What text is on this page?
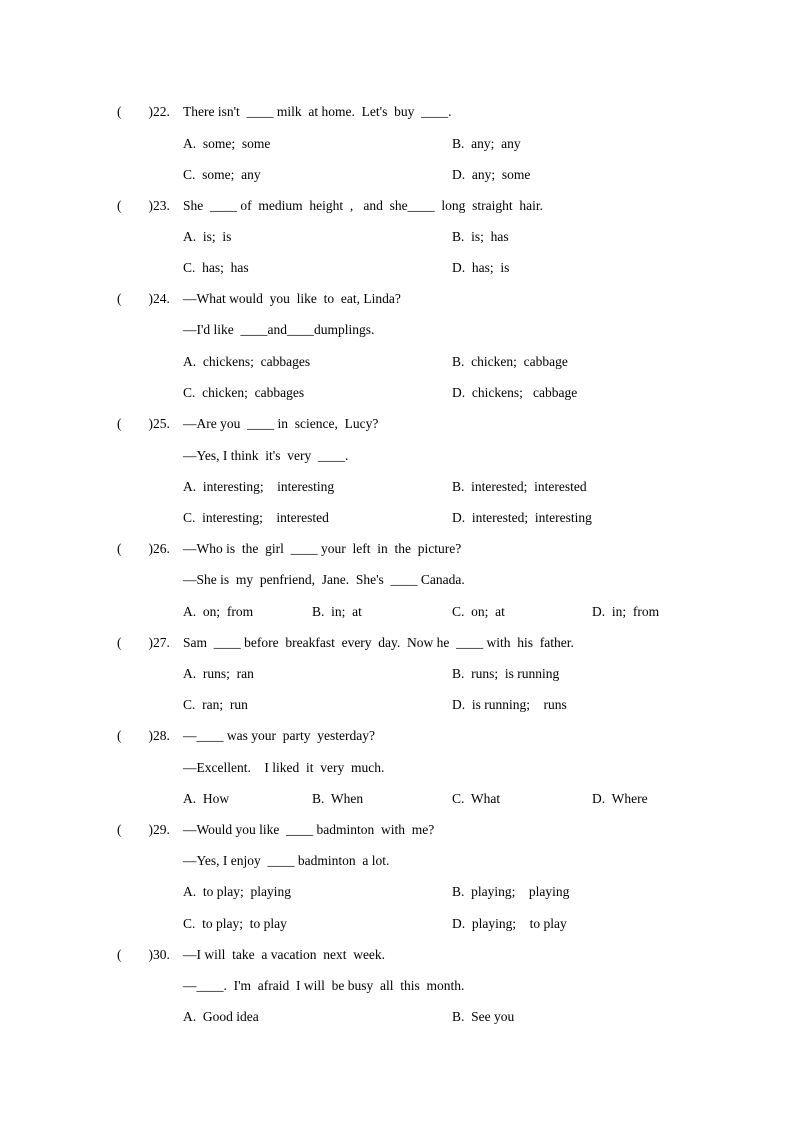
(        ) 22. There isn't  ____ milk  at home.  Let's  buy  ____.
A.  some;  some	B.  any;  any
C.  some;  any	D.  any;  some
(        ) 23. She  ____ of  medium  height  ,   and  she____  long  straight  hair.
A.  is;  is	B.  is;  has
C.  has;  has	D.  has;  is
(        ) 24. —What would  you  like  to  eat, Linda?
—I'd like  ____and____dumplings.
A.  chickens;  cabbages	B.  chicken;  cabbage
C.  chicken;  cabbages	D.  chickens;   cabbage
(        ) 25. —Are you  ____ in  science,  Lucy?
—Yes, I think  it's  very  ____.
A.  interesting;    interesting	B.  interested;  interested
C.  interesting;    interested	D.  interested;  interesting
(        ) 26. —Who is  the  girl  ____ your  left  in  the  picture?
—She is  my  penfriend,  Jane.  She's  ____ Canada.
A.  on;  from	B.  in;  at	C.  on;  at	D.  in;  from
(        ) 27. Sam  ____ before  breakfast  every  day.  Now he  ____ with  his  father.
A.  runs;  ran	B.  runs;  is running
C.  ran;  run	D.  is running;    runs
(        ) 28. —____ was your  party  yesterday?
—Excellent.    I liked  it  very  much.
A.  How	B.  When	C.  What	D.  Where
(        ) 29. —Would you like  ____ badminton  with  me?
—Yes, I enjoy  ____ badminton  a lot.
A.  to play;  playing	B.  playing;    playing
C.  to play;  to play	D.  playing;    to play
(        ) 30. —I will  take  a vacation  next  week.
—____.  I'm  afraid  I will  be busy  all  this  month.
A.  Good idea	B.  See you
